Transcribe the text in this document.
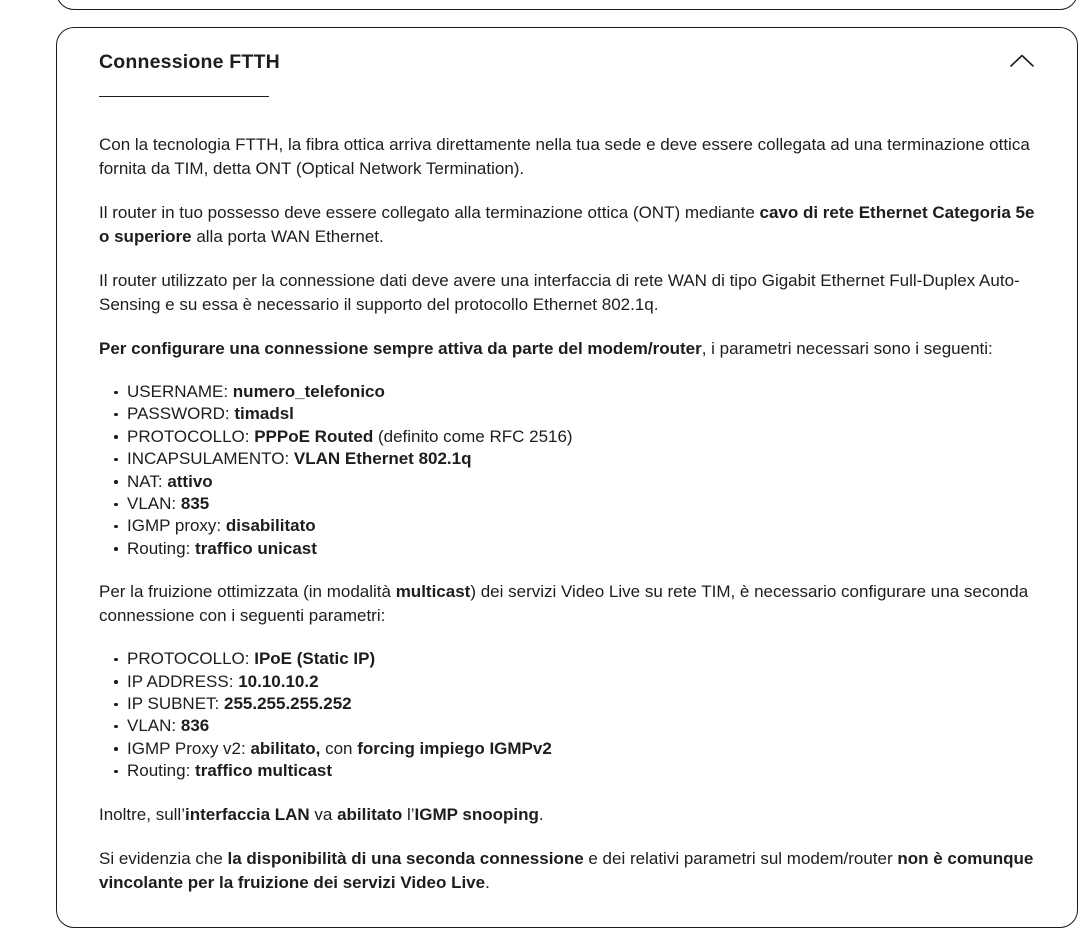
Connessione FTTH

Con la tecnologia FTTH, la fibra ottica arriva direttamente nella tua sede e deve essere collegata ad una terminazione ottica fornita da TIM, detta ONT (Optical Network Termination).

Il router in tuo possesso deve essere collegato alla terminazione ottica (ONT) mediante cavo di rete Ethernet Categoria 5e o superiore alla porta WAN Ethernet.

Il router utilizzato per la connessione dati deve avere una interfaccia di rete WAN di tipo Gigabit Ethernet Full-Duplex Auto-Sensing e su essa è necessario il supporto del protocollo Ethernet 802.1q.

Per configurare una connessione sempre attiva da parte del modem/router, i parametri necessari sono i seguenti:

USERNAME: numero_telefonico
PASSWORD: timadsl
PROTOCOLLO: PPPoE Routed (definito come RFC 2516)
INCAPSULAMENTO: VLAN Ethernet 802.1q
NAT: attivo
VLAN: 835
IGMP proxy: disabilitato
Routing: traffico unicast

Per la fruizione ottimizzata (in modalità multicast) dei servizi Video Live su rete TIM, è necessario configurare una seconda connessione con i seguenti parametri:

PROTOCOLLO: IPoE (Static IP)
IP ADDRESS: 10.10.10.2
IP SUBNET: 255.255.255.252
VLAN: 836
IGMP Proxy v2: abilitato, con forcing impiego IGMPv2
Routing: traffico multicast

Inoltre, sull’interfaccia LAN va abilitato l’IGMP snooping.

Si evidenzia che la disponibilità di una seconda connessione e dei relativi parametri sul modem/router non è comunque vincolante per la fruizione dei servizi Video Live.
